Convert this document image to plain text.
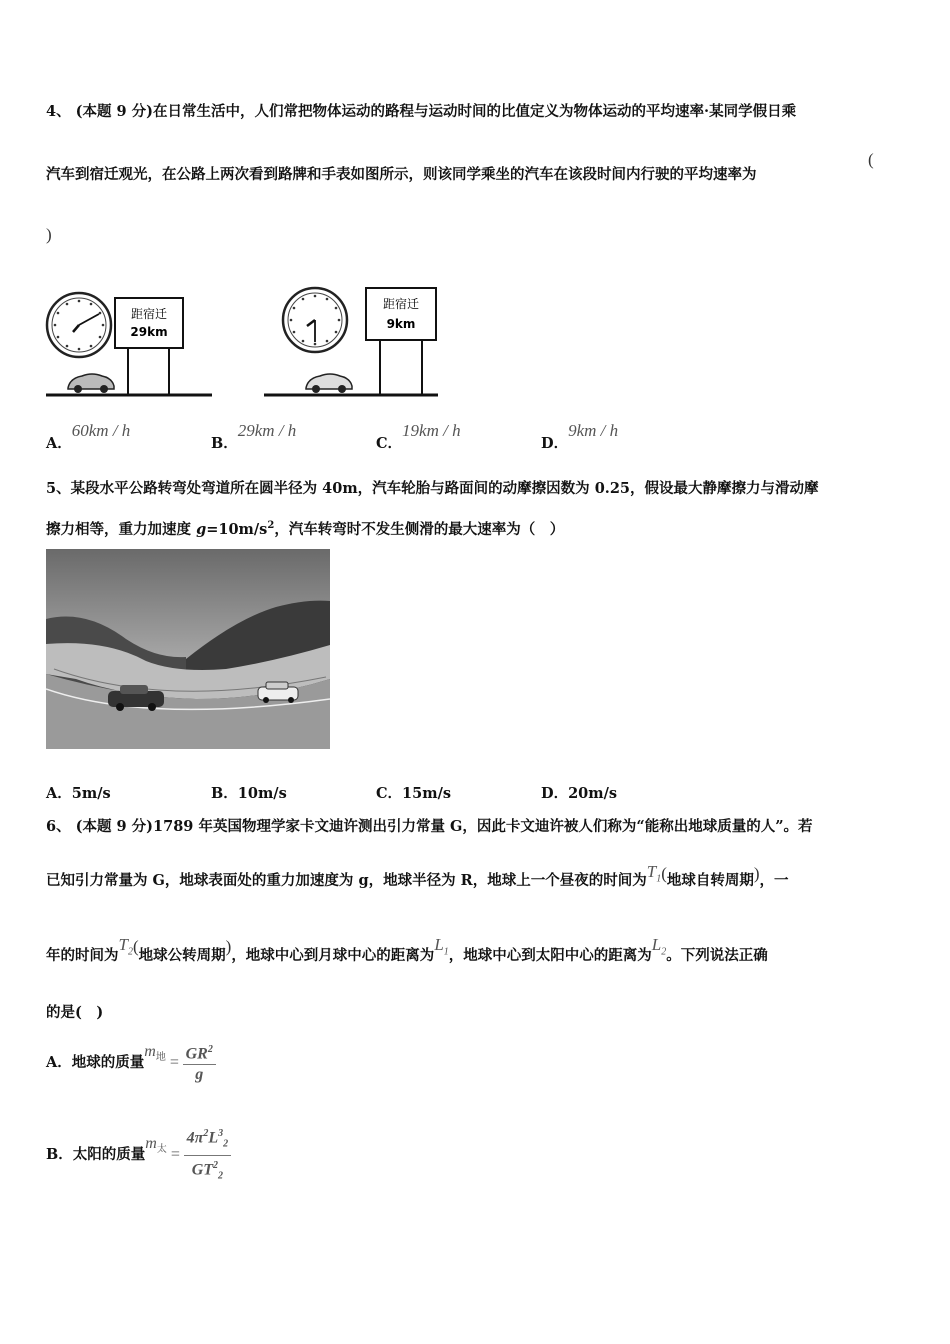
4、 (本题 9 分)在日常生活中，人们常把物体运动的路程与运动时间的比值定义为物体运动的平均速率·某同学假日乘
汽车到宿迁观光，在公路上两次看到路牌和手表如图所示，则该同学乘坐的汽车在该段时间内行驶的平均速率为
(
)
距宿迁
29km
距宿迁
9km
A．60km / h
B．29km / h
C．19km / h
D．9km / h
5、某段水平公路转弯处弯道所在圆半径为 40m，汽车轮胎与路面间的动摩擦因数为 0.25，假设最大静摩擦力与滑动摩
擦力相等，重力加速度 $g=10m/s^2$，汽车转弯时不发生侧滑的最大速率为（　）
A．5m/s	B．10m/s	C．15m/s	D．20m/s
6、 (本题 9 分)1789 年英国物理学家卡文迪许测出引力常量 G，因此卡文迪许被人们称为“能称出地球质量的人”。若
已知引力常量为 G，地球表面处的重力加速度为 g，地球半径为 R，地球上一个昼夜的时间为$T_1$(地球自转周期)，一
年的时间为$T_2$(地球公转周期)，地球中心到月球中心的距离为$L_1$，地球中心到太阳中心的距离为$L_2$。下列说法正确
的是(　)
A． 地球的质量
$m_地 = \frac{GR^2}{g}$
B． 太阳的质量
$m_太 = \frac{4\pi^2L^3_2}{GT^2_2}$
